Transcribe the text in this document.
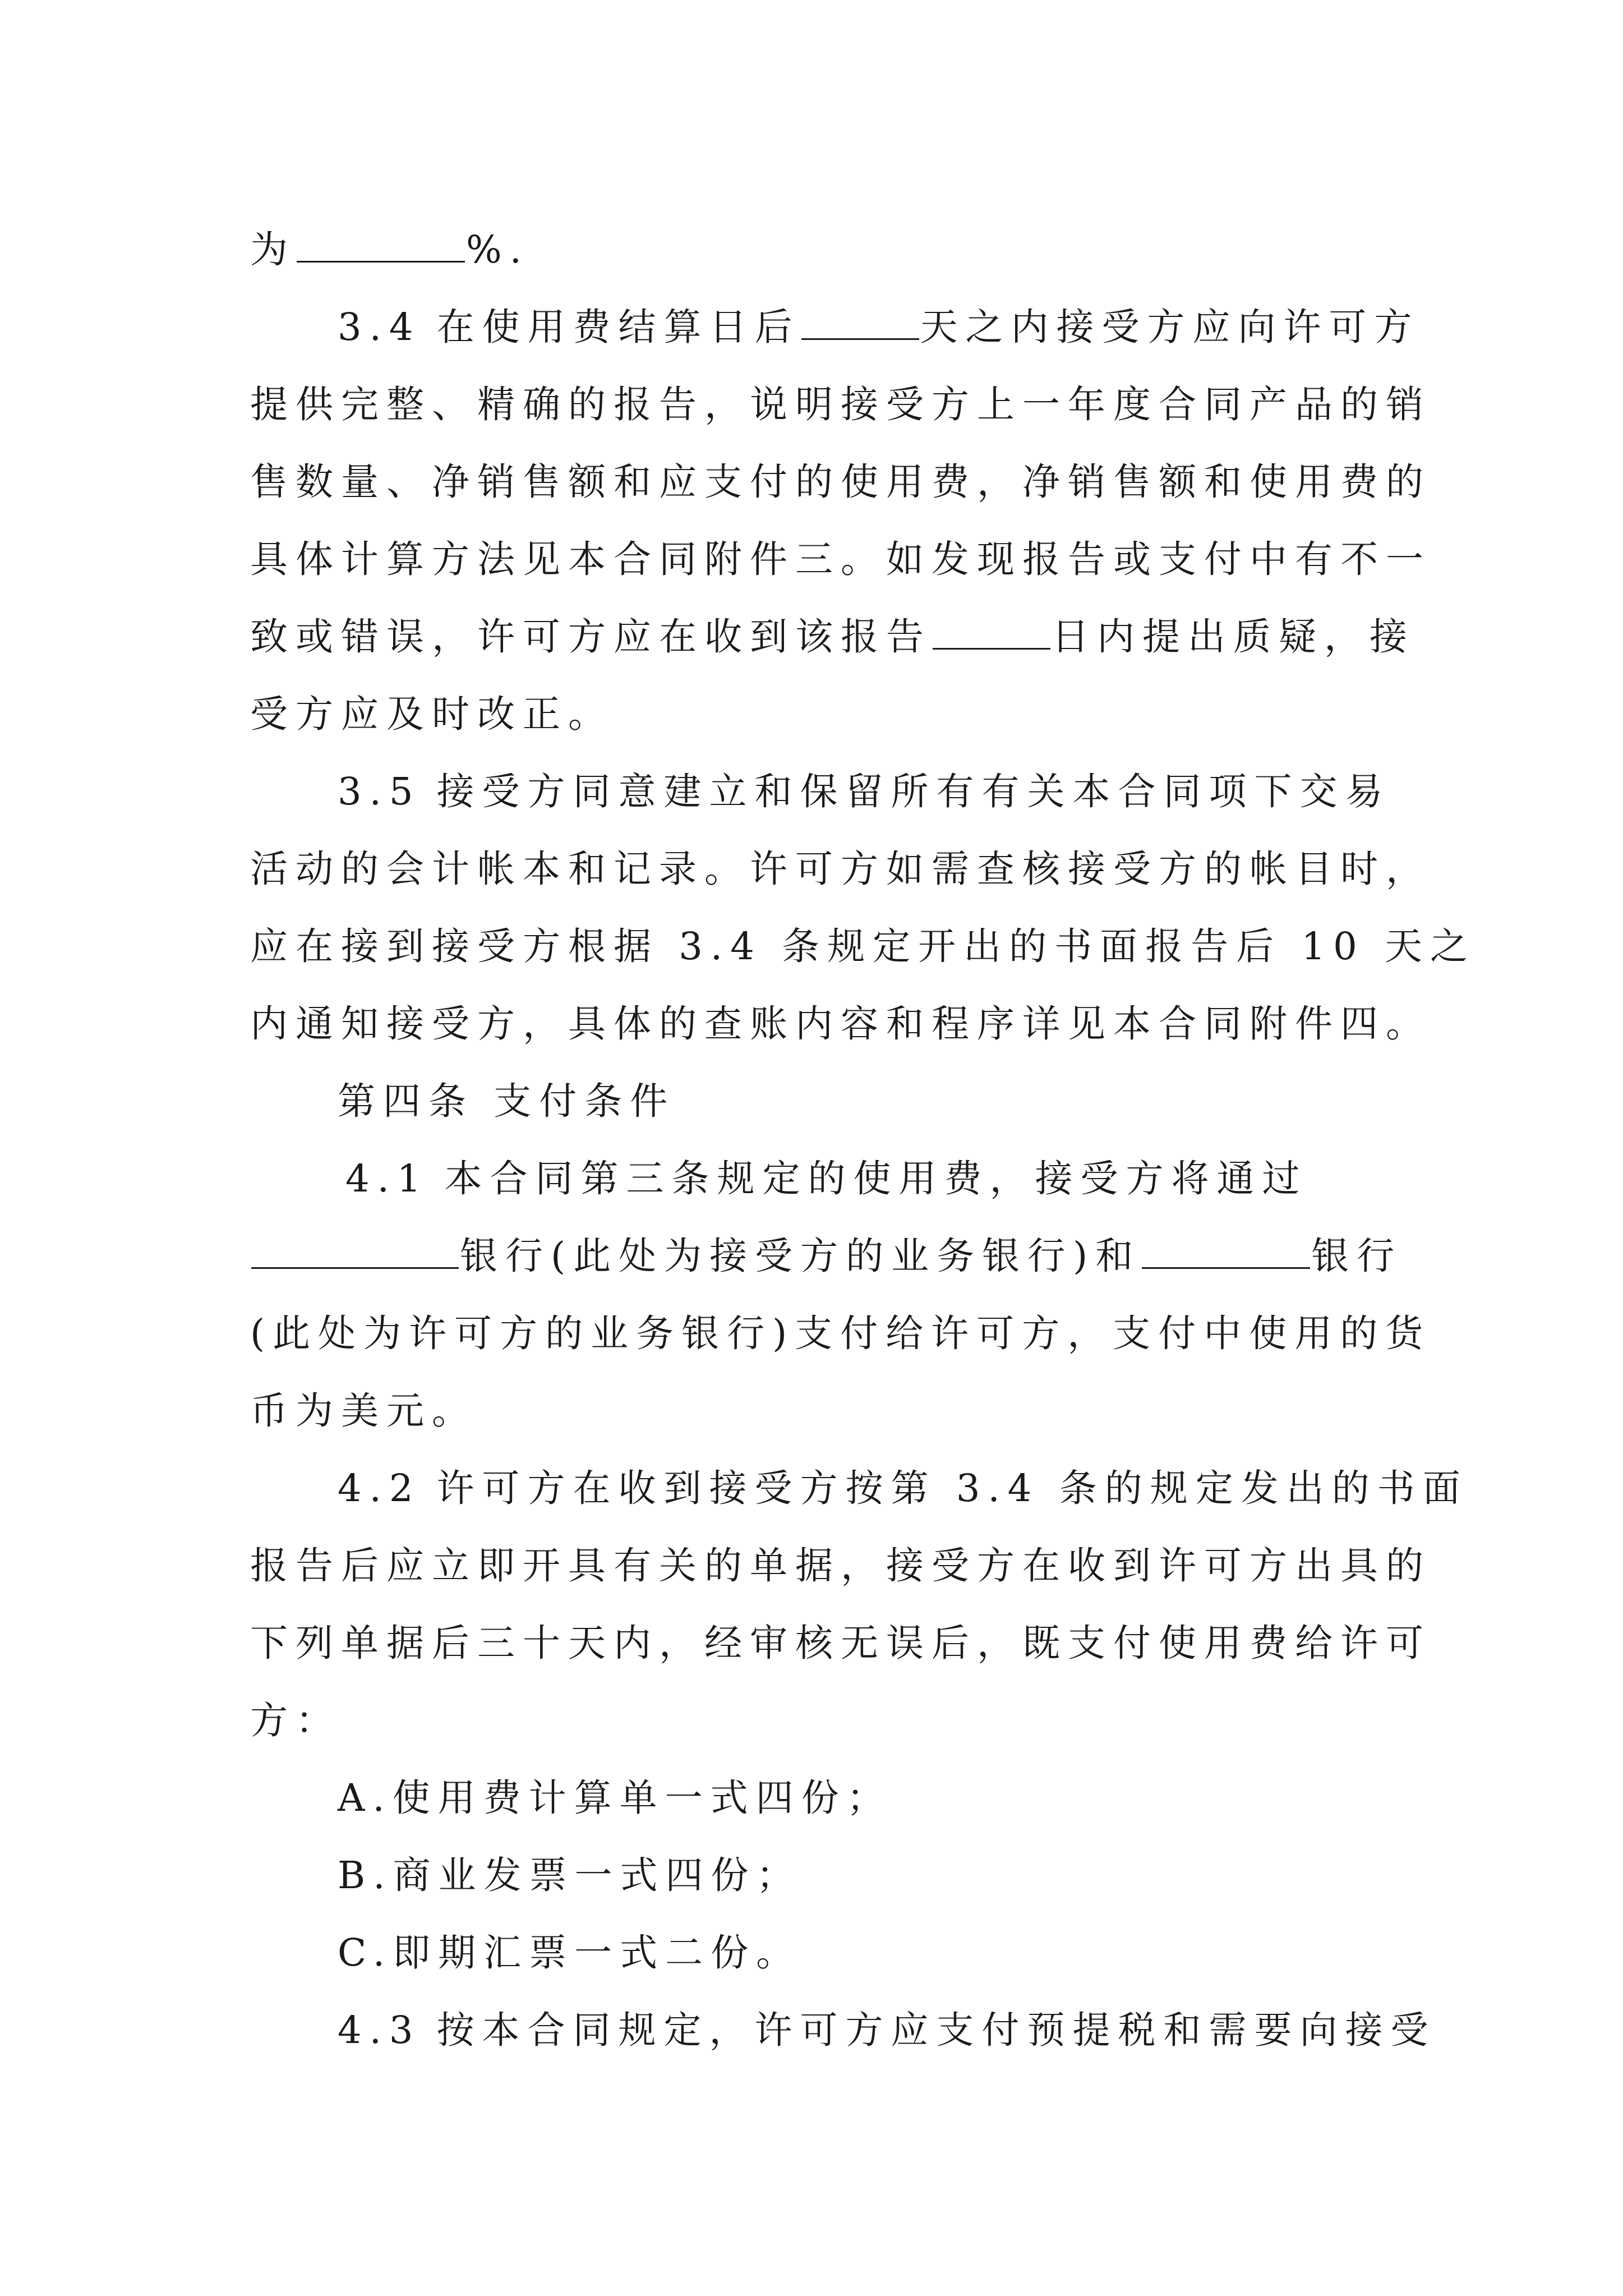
为	%.
3.4 在使用费结算日后	天之内接受方应向许可方
提供完整、精确的报告，说明接受方上一年度合同产品的销
售数量、净销售额和应支付的使用费，净销售额和使用费的
具体计算方法见本合同附件三。如发现报告或支付中有不一
致或错误，许可方应在收到该报告	日内提出质疑，接
受方应及时改正。
3.5 接受方同意建立和保留所有有关本合同项下交易
活动的会计帐本和记录。许可方如需查核接受方的帐目时，
应在接到接受方根据 3.4 条规定开出的书面报告后 10 天之
内通知接受方，具体的查账内容和程序详见本合同附件四。
第四条 支付条件
4.1 本合同第三条规定的使用费，接受方将通过
银行(此处为接受方的业务银行)和	银行
(此处为许可方的业务银行)支付给许可方，支付中使用的货
币为美元。
4.2 许可方在收到接受方按第 3.4 条的规定发出的书面
报告后应立即开具有关的单据，接受方在收到许可方出具的
下列单据后三十天内，经审核无误后，既支付使用费给许可
方：
A.使用费计算单一式四份；
B.商业发票一式四份；
C.即期汇票一式二份。
4.3 按本合同规定，许可方应支付预提税和需要向接受
